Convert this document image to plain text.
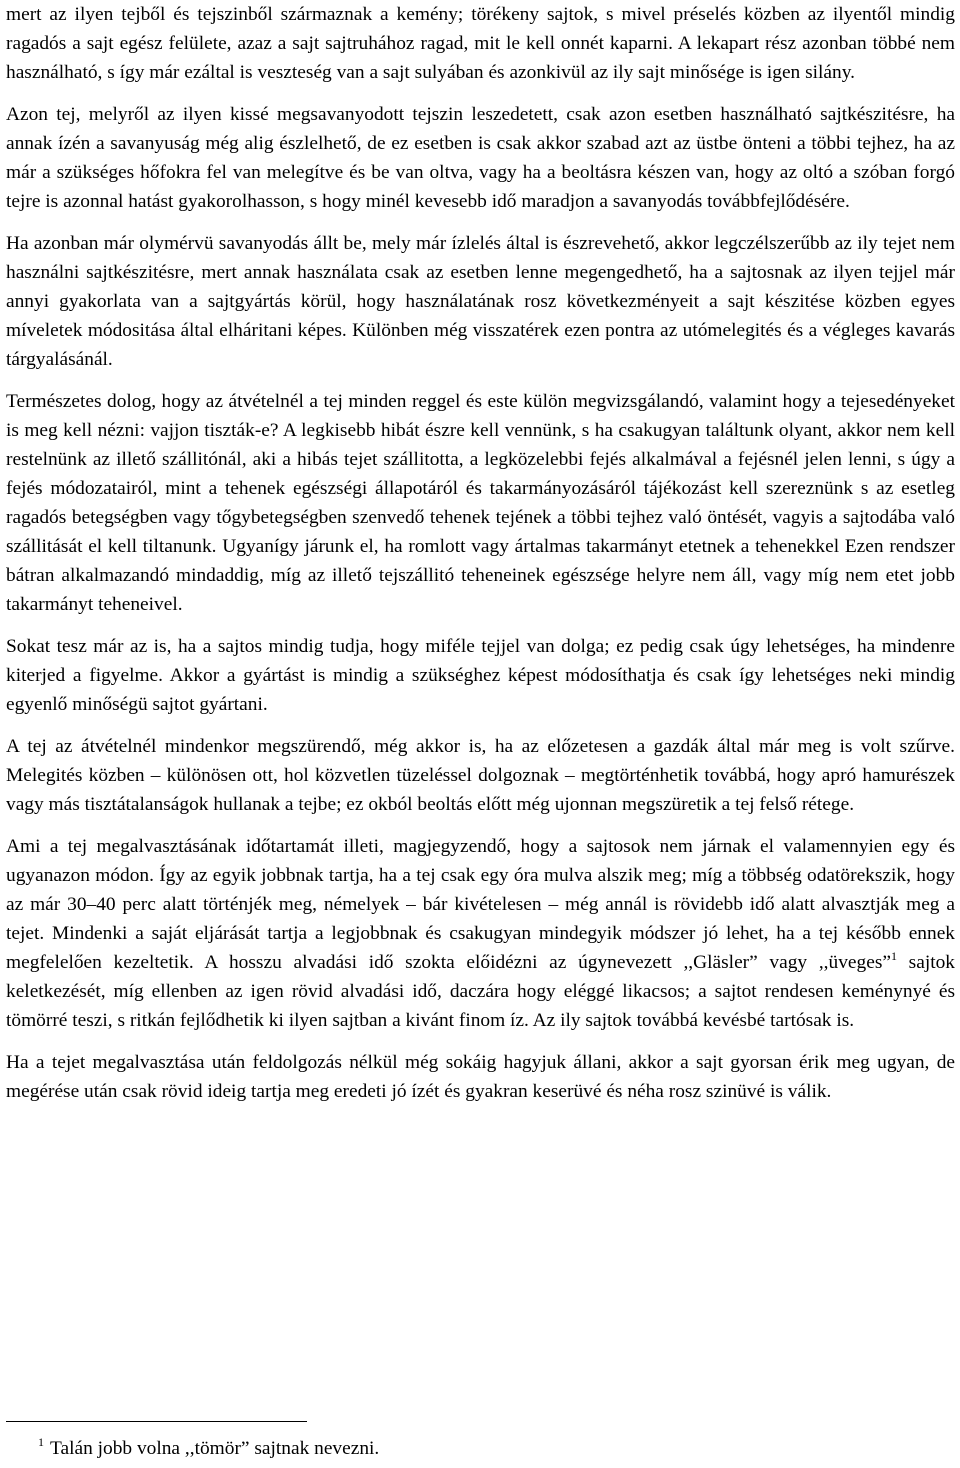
mert az ilyen tejből és tejszinből származnak a kemény; törékeny sajtok, s mivel préselés közben az ilyentől mindig ragadós a sajt egész felülete, azaz a sajt sajtruhához ragad, mit le kell onnét kaparni. A lekapart rész azonban többé nem használható, s így már ezáltal is veszteség van a sajt sulyában és azonkivül az ily sajt minősége is igen silány.

Azon tej, melyről az ilyen kissé megsavanyodott tejszin leszedetett, csak azon esetben használható sajtkészitésre, ha annak ízén a savanyuság még alig észlelhető, de ez esetben is csak akkor szabad azt az üstbe önteni a többi tejhez, ha az már a szükséges hőfokra fel van melegítve és be van oltva, vagy ha a beoltásra készen van, hogy az oltó a szóban forgó tejre is azonnal hatást gyakorolhasson, s hogy minél kevesebb idő maradjon a savanyodás továbbfejlődésére.

Ha azonban már olymérvü savanyodás állt be, mely már ízlelés által is észrevehető, akkor legczélszerűbb az ily tejet nem használni sajtkészitésre, mert annak használata csak az esetben lenne megengedhető, ha a sajtosnak az ilyen tejjel már annyi gyakorlata van a sajtgyártás körül, hogy használatának rosz következményeit a sajt készitése közben egyes míveletek módositása által elháritani képes. Különben még visszatérek ezen pontra az utómelegités és a végleges kavarás tárgyalásánál.

Természetes dolog, hogy az átvételnél a tej minden reggel és este külön megvizsgálandó, valamint hogy a tejesedényeket is meg kell nézni: vajjon tiszták-e? A legkisebb hibát észre kell vennünk, s ha csakugyan találtunk olyant, akkor nem kell restelnünk az illető szállitónál, aki a hibás tejet szállitotta, a legközelebbi fejés alkalmával a fejésnél jelen lenni, s úgy a fejés módozatairól, mint a tehenek egészségi állapotáról és takarmányozásáról tájékozást kell szereznünk s az esetleg ragadós betegségben vagy tőgybetegségben szenvedő tehenek tejének a többi tejhez való öntését, vagyis a sajtodába való szállitását el kell tiltanunk. Ugyanígy járunk el, ha romlott vagy ártalmas takarmányt etetnek a tehenekkel Ezen rendszer bátran alkalmazandó mindaddig, míg az illető tejszállitó teheneinek egészsége helyre nem áll, vagy míg nem etet jobb takarmányt teheneivel.

Sokat tesz már az is, ha a sajtos mindig tudja, hogy miféle tejjel van dolga; ez pedig csak úgy lehetséges, ha mindenre kiterjed a figyelme. Akkor a gyártást is mindig a szükséghez képest módosíthatja és csak így lehetséges neki mindig egyenlő minőségü sajtot gyártani.

A tej az átvételnél mindenkor megszürendő, még akkor is, ha az előzetesen a gazdák által már meg is volt szűrve. Melegités közben – különösen ott, hol közvetlen tüzeléssel dolgoznak – megtörténhetik továbbá, hogy apró hamurészek vagy más tisztátalanságok hullanak a tejbe; ez okból beoltás előtt még ujonnan megszüretik a tej felső rétege.

Ami a tej megalvasztásának időtartamát illeti, magjegyzendő, hogy a sajtosok nem járnak el valamennyien egy és ugyanazon módon. Így az egyik jobbnak tartja, ha a tej csak egy óra mulva alszik meg; míg a többség odatörekszik, hogy az már 30–40 perc alatt történjék meg, némelyek – bár kivételesen – még annál is rövidebb idő alatt alvasztják meg a tejet. Mindenki a saját eljárását tartja a legjobbnak és csakugyan mindegyik módszer jó lehet, ha a tej később ennek megfelelően kezeltetik. A hosszu alvadási idő szokta előidézni az úgynevezett ,,Gläsler” vagy ,,üveges”$^1$ sajtok keletkezését, míg ellenben az igen rövid alvadási idő, daczára hogy eléggé likacsos; a sajtot rendesen keménynyé és tömörré teszi, s ritkán fejlődhetik ki ilyen sajtban a kivánt finom íz. Az ily sajtok továbbá kevésbé tartósak is.

Ha a tejet megalvasztása után feldolgozás nélkül még sokáig hagyjuk állani, akkor a sajt gyorsan érik meg ugyan, de megérése után csak rövid ideig tartja meg eredeti jó ízét és gyakran keserüvé és néha rosz szinüvé is válik.

$^1$ Talán jobb volna ,,tömör” sajtnak nevezni.
